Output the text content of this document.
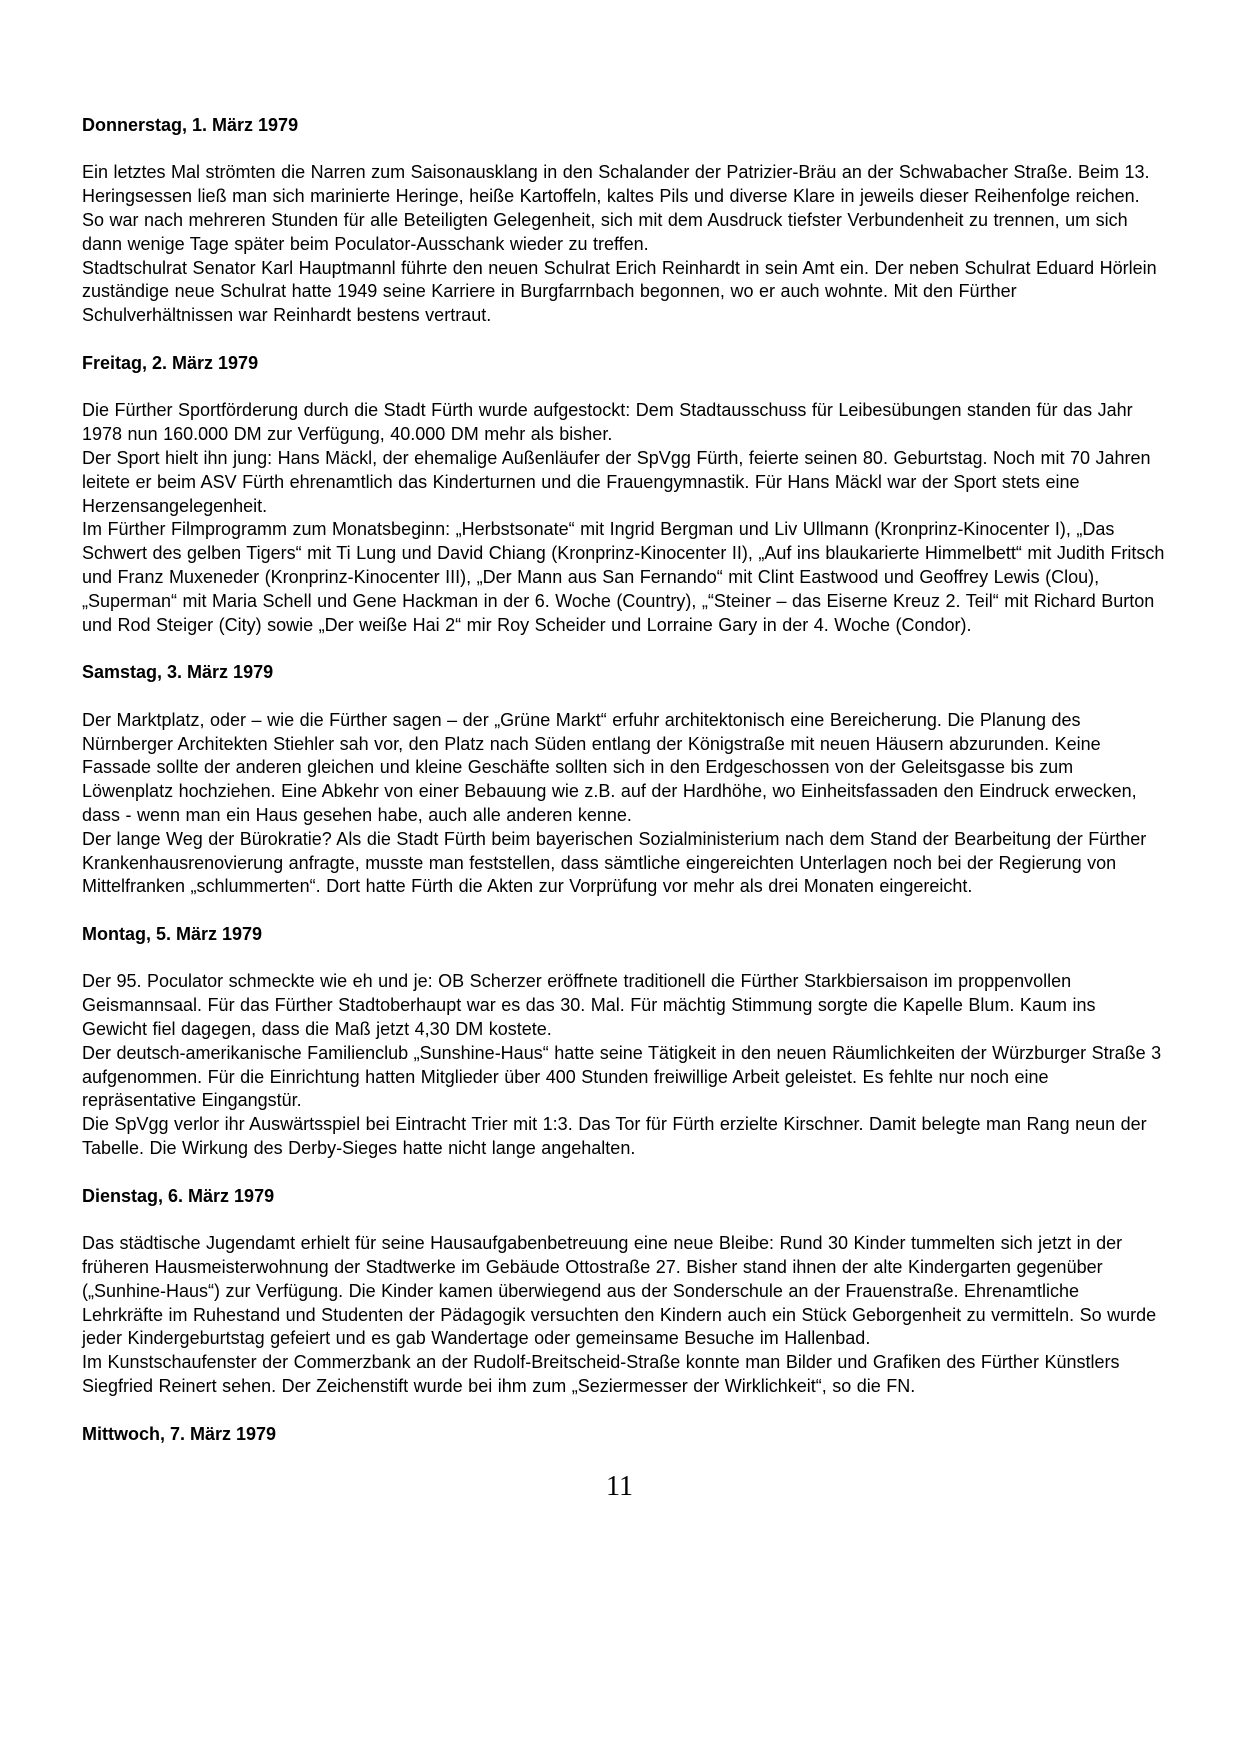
Donnerstag, 1. März 1979

Ein letztes Mal strömten die Narren zum Saisonausklang in den Schalander der Patrizier-Bräu an der Schwabacher Straße. Beim 13. Heringsessen ließ man sich marinierte Heringe, heiße Kartoffeln, kaltes Pils und diverse Klare in jeweils dieser Reihenfolge reichen. So war nach mehreren Stunden für alle Beteiligten Gelegenheit, sich mit dem Ausdruck tiefster Verbundenheit zu trennen, um sich dann wenige Tage später beim Poculator-Ausschank wieder zu treffen.

Stadtschulrat Senator Karl Hauptmannl führte den neuen Schulrat Erich Reinhardt in sein Amt ein. Der neben Schulrat Eduard Hörlein zuständige neue Schulrat hatte 1949 seine Karriere in Burgfarrnbach begonnen, wo er auch wohnte. Mit den Fürther Schulverhältnissen war Reinhardt bestens vertraut.

Freitag, 2. März 1979

Die Fürther Sportförderung durch die Stadt Fürth wurde aufgestockt: Dem Stadtausschuss für Leibesübungen standen für das Jahr 1978 nun 160.000 DM zur Verfügung, 40.000 DM mehr als bisher.

Der Sport hielt ihn jung: Hans Mäckl, der ehemalige Außenläufer der SpVgg Fürth, feierte seinen 80. Geburtstag. Noch mit 70 Jahren leitete er beim ASV Fürth ehrenamtlich das Kinderturnen und die Frauengymnastik. Für Hans Mäckl war der Sport stets eine Herzensangelegenheit.

Im Fürther Filmprogramm zum Monatsbeginn: „Herbstsonate“ mit Ingrid Bergman und Liv Ullmann (Kronprinz-Kinocenter I), „Das Schwert des gelben Tigers“ mit Ti Lung und David Chiang (Kronprinz-Kinocenter II), „Auf ins blaukarierte Himmelbett“ mit Judith Fritsch und Franz Muxeneder (Kronprinz-Kinocenter III), „Der Mann aus San Fernando“ mit Clint Eastwood und Geoffrey Lewis (Clou), „Superman“ mit Maria Schell und Gene Hackman in der 6. Woche (Country), „“Steiner – das Eiserne Kreuz 2. Teil“ mit Richard Burton und Rod Steiger (City) sowie „Der weiße Hai 2“ mir Roy Scheider und Lorraine Gary in der 4. Woche (Condor).

Samstag, 3. März 1979

Der Marktplatz, oder – wie die Fürther sagen – der „Grüne Markt“ erfuhr architektonisch eine Bereicherung. Die Planung des Nürnberger Architekten Stiehler sah vor, den Platz nach Süden entlang der Königstraße mit neuen Häusern abzurunden. Keine Fassade sollte der anderen gleichen und kleine Geschäfte sollten sich in den Erdgeschossen von der Geleitsgasse bis zum Löwenplatz hochziehen. Eine Abkehr von einer Bebauung wie z.B. auf der Hardhöhe, wo Einheitsfassaden den Eindruck erwecken, dass - wenn man ein Haus gesehen habe, auch alle anderen kenne.

Der lange Weg der Bürokratie? Als die Stadt Fürth beim bayerischen Sozialministerium nach dem Stand der Bearbeitung der Fürther Krankenhausrenovierung anfragte, musste man feststellen, dass sämtliche eingereichten Unterlagen noch bei der Regierung von Mittelfranken „schlummerten“. Dort hatte Fürth die Akten zur Vorprüfung vor mehr als drei Monaten eingereicht.

Montag, 5. März 1979

Der 95. Poculator schmeckte wie eh und je: OB Scherzer eröffnete traditionell die Fürther Starkbiersaison im proppenvollen Geismannsaal. Für das Fürther Stadtoberhaupt war es das 30. Mal. Für mächtig Stimmung sorgte die Kapelle Blum. Kaum ins Gewicht fiel dagegen, dass die Maß jetzt 4,30 DM kostete.

Der deutsch-amerikanische Familienclub „Sunshine-Haus“ hatte seine Tätigkeit in den neuen Räumlichkeiten der Würzburger Straße 3 aufgenommen. Für die Einrichtung hatten Mitglieder über 400 Stunden freiwillige Arbeit geleistet. Es fehlte nur noch eine repräsentative Eingangstür.

Die SpVgg verlor ihr Auswärtsspiel bei Eintracht Trier mit 1:3. Das Tor für Fürth erzielte Kirschner. Damit belegte man Rang neun der Tabelle. Die Wirkung des Derby-Sieges hatte nicht lange angehalten.

Dienstag, 6. März 1979

Das städtische Jugendamt erhielt für seine Hausaufgabenbetreuung eine neue Bleibe: Rund 30 Kinder tummelten sich jetzt in der früheren Hausmeisterwohnung der Stadtwerke im Gebäude Ottostraße 27. Bisher stand ihnen der alte Kindergarten gegenüber („Sunhine-Haus“) zur Verfügung. Die Kinder kamen überwiegend aus der Sonderschule an der Frauenstraße. Ehrenamtliche Lehrkräfte im Ruhestand und Studenten der Pädagogik versuchten den Kindern auch ein Stück Geborgenheit zu vermitteln. So wurde jeder Kindergeburtstag gefeiert und es gab Wandertage oder gemeinsame Besuche im Hallenbad.

Im Kunstschaufenster der Commerzbank an der Rudolf-Breitscheid-Straße konnte man Bilder und Grafiken des Fürther Künstlers Siegfried Reinert sehen. Der Zeichenstift wurde bei ihm zum „Seziermesser der Wirklichkeit“, so die FN.

Mittwoch, 7. März 1979
11
